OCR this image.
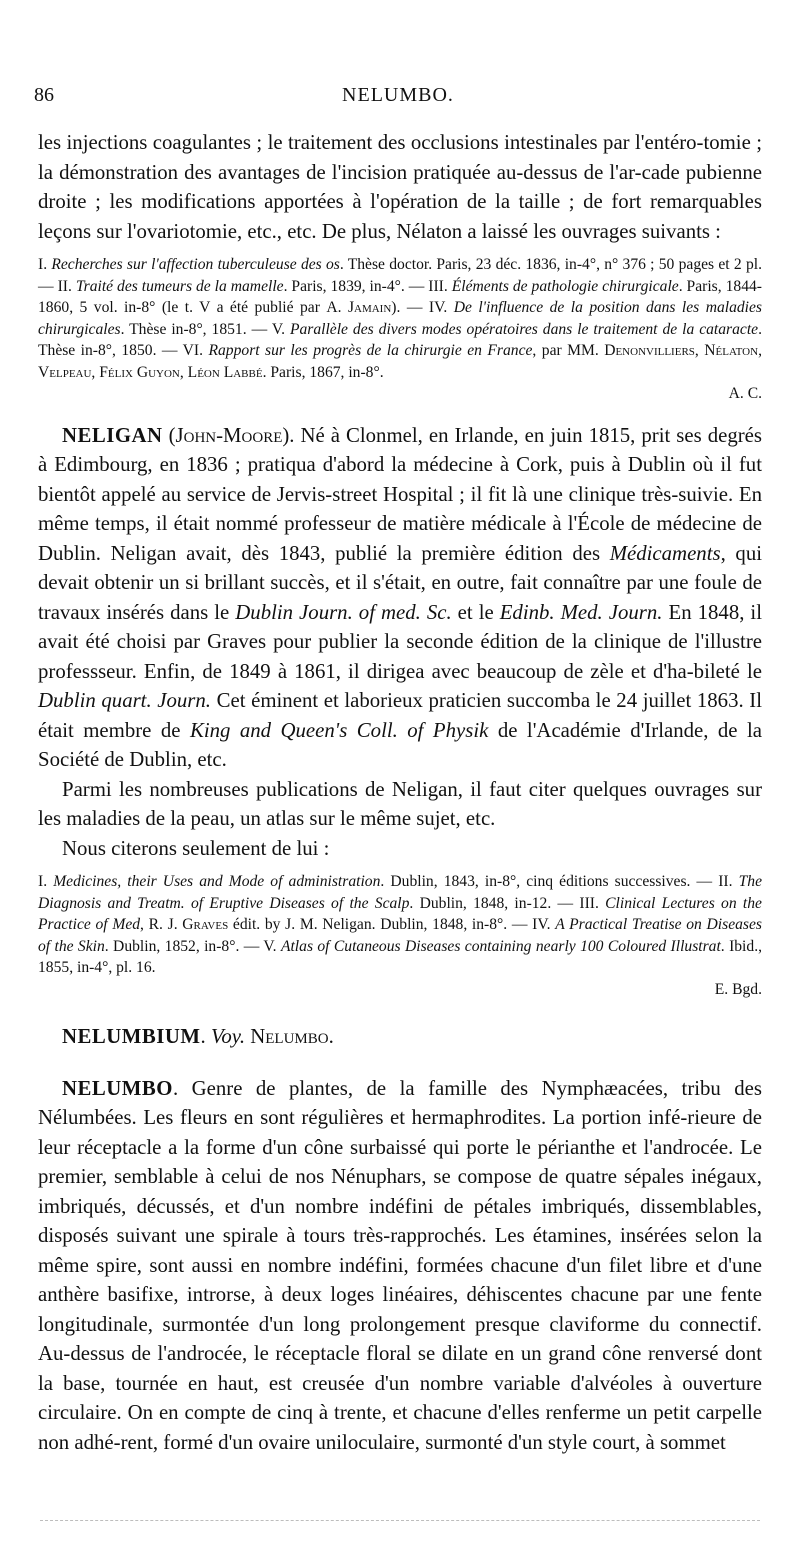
86	NELUMBO.

les injections coagulantes ; le traitement des occlusions intestinales par l'entéro-tomie ; la démonstration des avantages de l'incision pratiquée au-dessus de l'ar-cade pubienne droite ; les modifications apportées à l'opération de la taille ; de fort remarquables leçons sur l'ovariotomie, etc., etc. De plus, Nélaton a laissé les ouvrages suivants :

I. Recherches sur l'affection tuberculeuse des os. Thèse doctor. Paris, 23 déc. 1836, in-4°, n° 376 ; 50 pages et 2 pl. — II. Traité des tumeurs de la mamelle. Paris, 1839, in-4°. — III. Éléments de pathologie chirurgicale. Paris, 1844-1860, 5 vol. in-8° (le t. V a été publié par A. Jamain). — IV. De l'influence de la position dans les maladies chirurgicales. Thèse in-8°, 1851. — V. Parallèle des divers modes opératoires dans le traitement de la cataracte. Thèse in-8°, 1850. — VI. Rapport sur les progrès de la chirurgie en France, par MM. Denonvilliers, Nélaton, Velpeau, Félix Guyon, Léon Labbé. Paris, 1867, in-8°.

A. C.

NELIGAN (John-Moore). Né à Clonmel, en Irlande, en juin 1815, prit ses degrés à Edimbourg, en 1836 ; pratiqua d'abord la médecine à Cork, puis à Dublin où il fut bientôt appelé au service de Jervis-street Hospital ; il fit là une clinique très-suivie. En même temps, il était nommé professeur de matière médicale à l'École de médecine de Dublin. Neligan avait, dès 1843, publié la première édition des Médicaments, qui devait obtenir un si brillant succès, et il s'était, en outre, fait connaître par une foule de travaux insérés dans le Dublin Journ. of med. Sc. et le Edinb. Med. Journ. En 1848, il avait été choisi par Graves pour publier la seconde édition de la clinique de l'illustre professseur. Enfin, de 1849 à 1861, il dirigea avec beaucoup de zèle et d'ha-bileté le Dublin quart. Journ. Cet éminent et laborieux praticien succomba le 24 juillet 1863. Il était membre de King and Queen's Coll. of Physik de l'Académie d'Irlande, de la Société de Dublin, etc.

Parmi les nombreuses publications de Neligan, il faut citer quelques ouvrages sur les maladies de la peau, un atlas sur le même sujet, etc.

Nous citerons seulement de lui :

I. Medicines, their Uses and Mode of administration. Dublin, 1843, in-8°, cinq éditions successives. — II. The Diagnosis and Treatm. of Eruptive Diseases of the Scalp. Dublin, 1848, in-12. — III. Clinical Lectures on the Practice of Med, R. J. Graves édit. by J. M. Neligan. Dublin, 1848, in-8°. — IV. A Practical Treatise on Diseases of the Skin. Dublin, 1852, in-8°. — V. Atlas of Cutaneous Diseases containing nearly 100 Coloured Illustrat. Ibid., 1855, in-4°, pl. 16.

E. Bgd.

NELUMBIUM. Voy. Nelumbo.

NELUMBO. Genre de plantes, de la famille des Nymphæacées, tribu des Nélumbées. Les fleurs en sont régulières et hermaphrodites. La portion infé-rieure de leur réceptacle a la forme d'un cône surbaissé qui porte le périanthe et l'androcée. Le premier, semblable à celui de nos Nénuphars, se compose de quatre sépales inégaux, imbriqués, décussés, et d'un nombre indéfini de pétales imbriqués, dissemblables, disposés suivant une spirale à tours très-rapprochés. Les étamines, insérées selon la même spire, sont aussi en nombre indéfini, formées chacune d'un filet libre et d'une anthère basifixe, introrse, à deux loges linéaires, déhiscentes chacune par une fente longitudinale, surmontée d'un long prolongement presque claviforme du connectif. Au-dessus de l'androcée, le réceptacle floral se dilate en un grand cône renversé dont la base, tournée en haut, est creusée d'un nombre variable d'alvéoles à ouverture circulaire. On en compte de cinq à trente, et chacune d'elles renferme un petit carpelle non adhé-rent, formé d'un ovaire uniloculaire, surmonté d'un style court, à sommet
